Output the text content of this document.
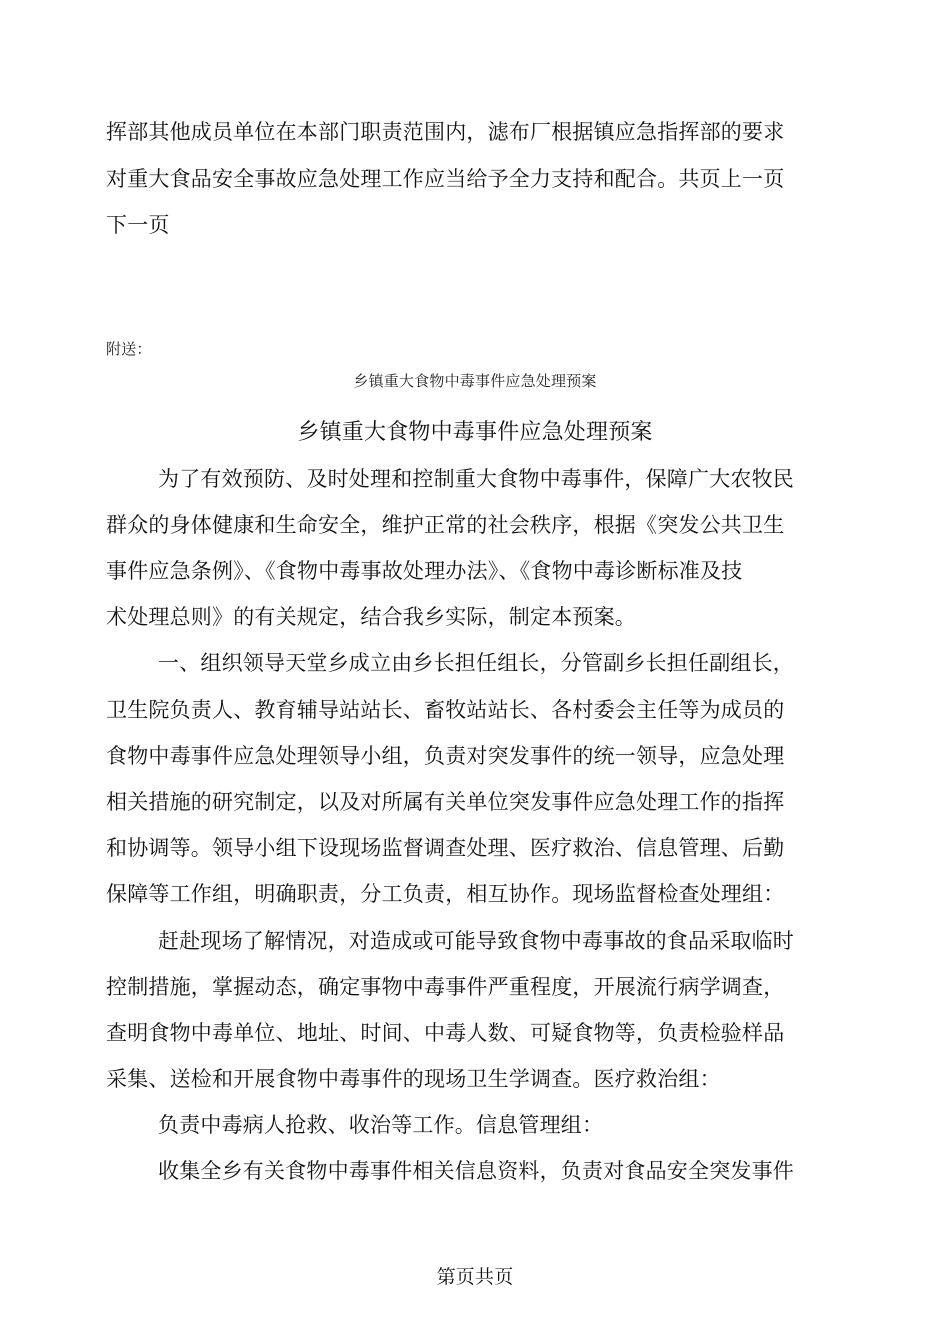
挥部其他成员单位在本部门职责范围内，滤布厂根据镇应急指挥部的要求
对重大食品安全事故应急处理工作应当给予全力支持和配合。共页上一页
下一页
附送：
乡镇重大食物中毒事件应急处理预案
乡镇重大食物中毒事件应急处理预案
为了有效预防、及时处理和控制重大食物中毒事件，保障广大农牧民
群众的身体健康和生命安全，维护正常的社会秩序，根据《突发公共卫生
事件应急条例》、《食物中毒事故处理办法》、《食物中毒诊断标准及技
术处理总则》的有关规定，结合我乡实际，制定本预案。
一、组织领导天堂乡成立由乡长担任组长，分管副乡长担任副组长，
卫生院负责人、教育辅导站站长、畜牧站站长、各村委会主任等为成员的
食物中毒事件应急处理领导小组，负责对突发事件的统一领导，应急处理
相关措施的研究制定，以及对所属有关单位突发事件应急处理工作的指挥
和协调等。领导小组下设现场监督调查处理、医疗救治、信息管理、后勤
保障等工作组，明确职责，分工负责，相互协作。现场监督检查处理组：
赶赴现场了解情况，对造成或可能导致食物中毒事故的食品采取临时
控制措施，掌握动态，确定事物中毒事件严重程度，开展流行病学调查，
查明食物中毒单位、地址、时间、中毒人数、可疑食物等，负责检验样品
采集、送检和开展食物中毒事件的现场卫生学调查。医疗救治组：
负责中毒病人抢救、收治等工作。信息管理组：
收集全乡有关食物中毒事件相关信息资料，负责对食品安全突发事件
第页共页
